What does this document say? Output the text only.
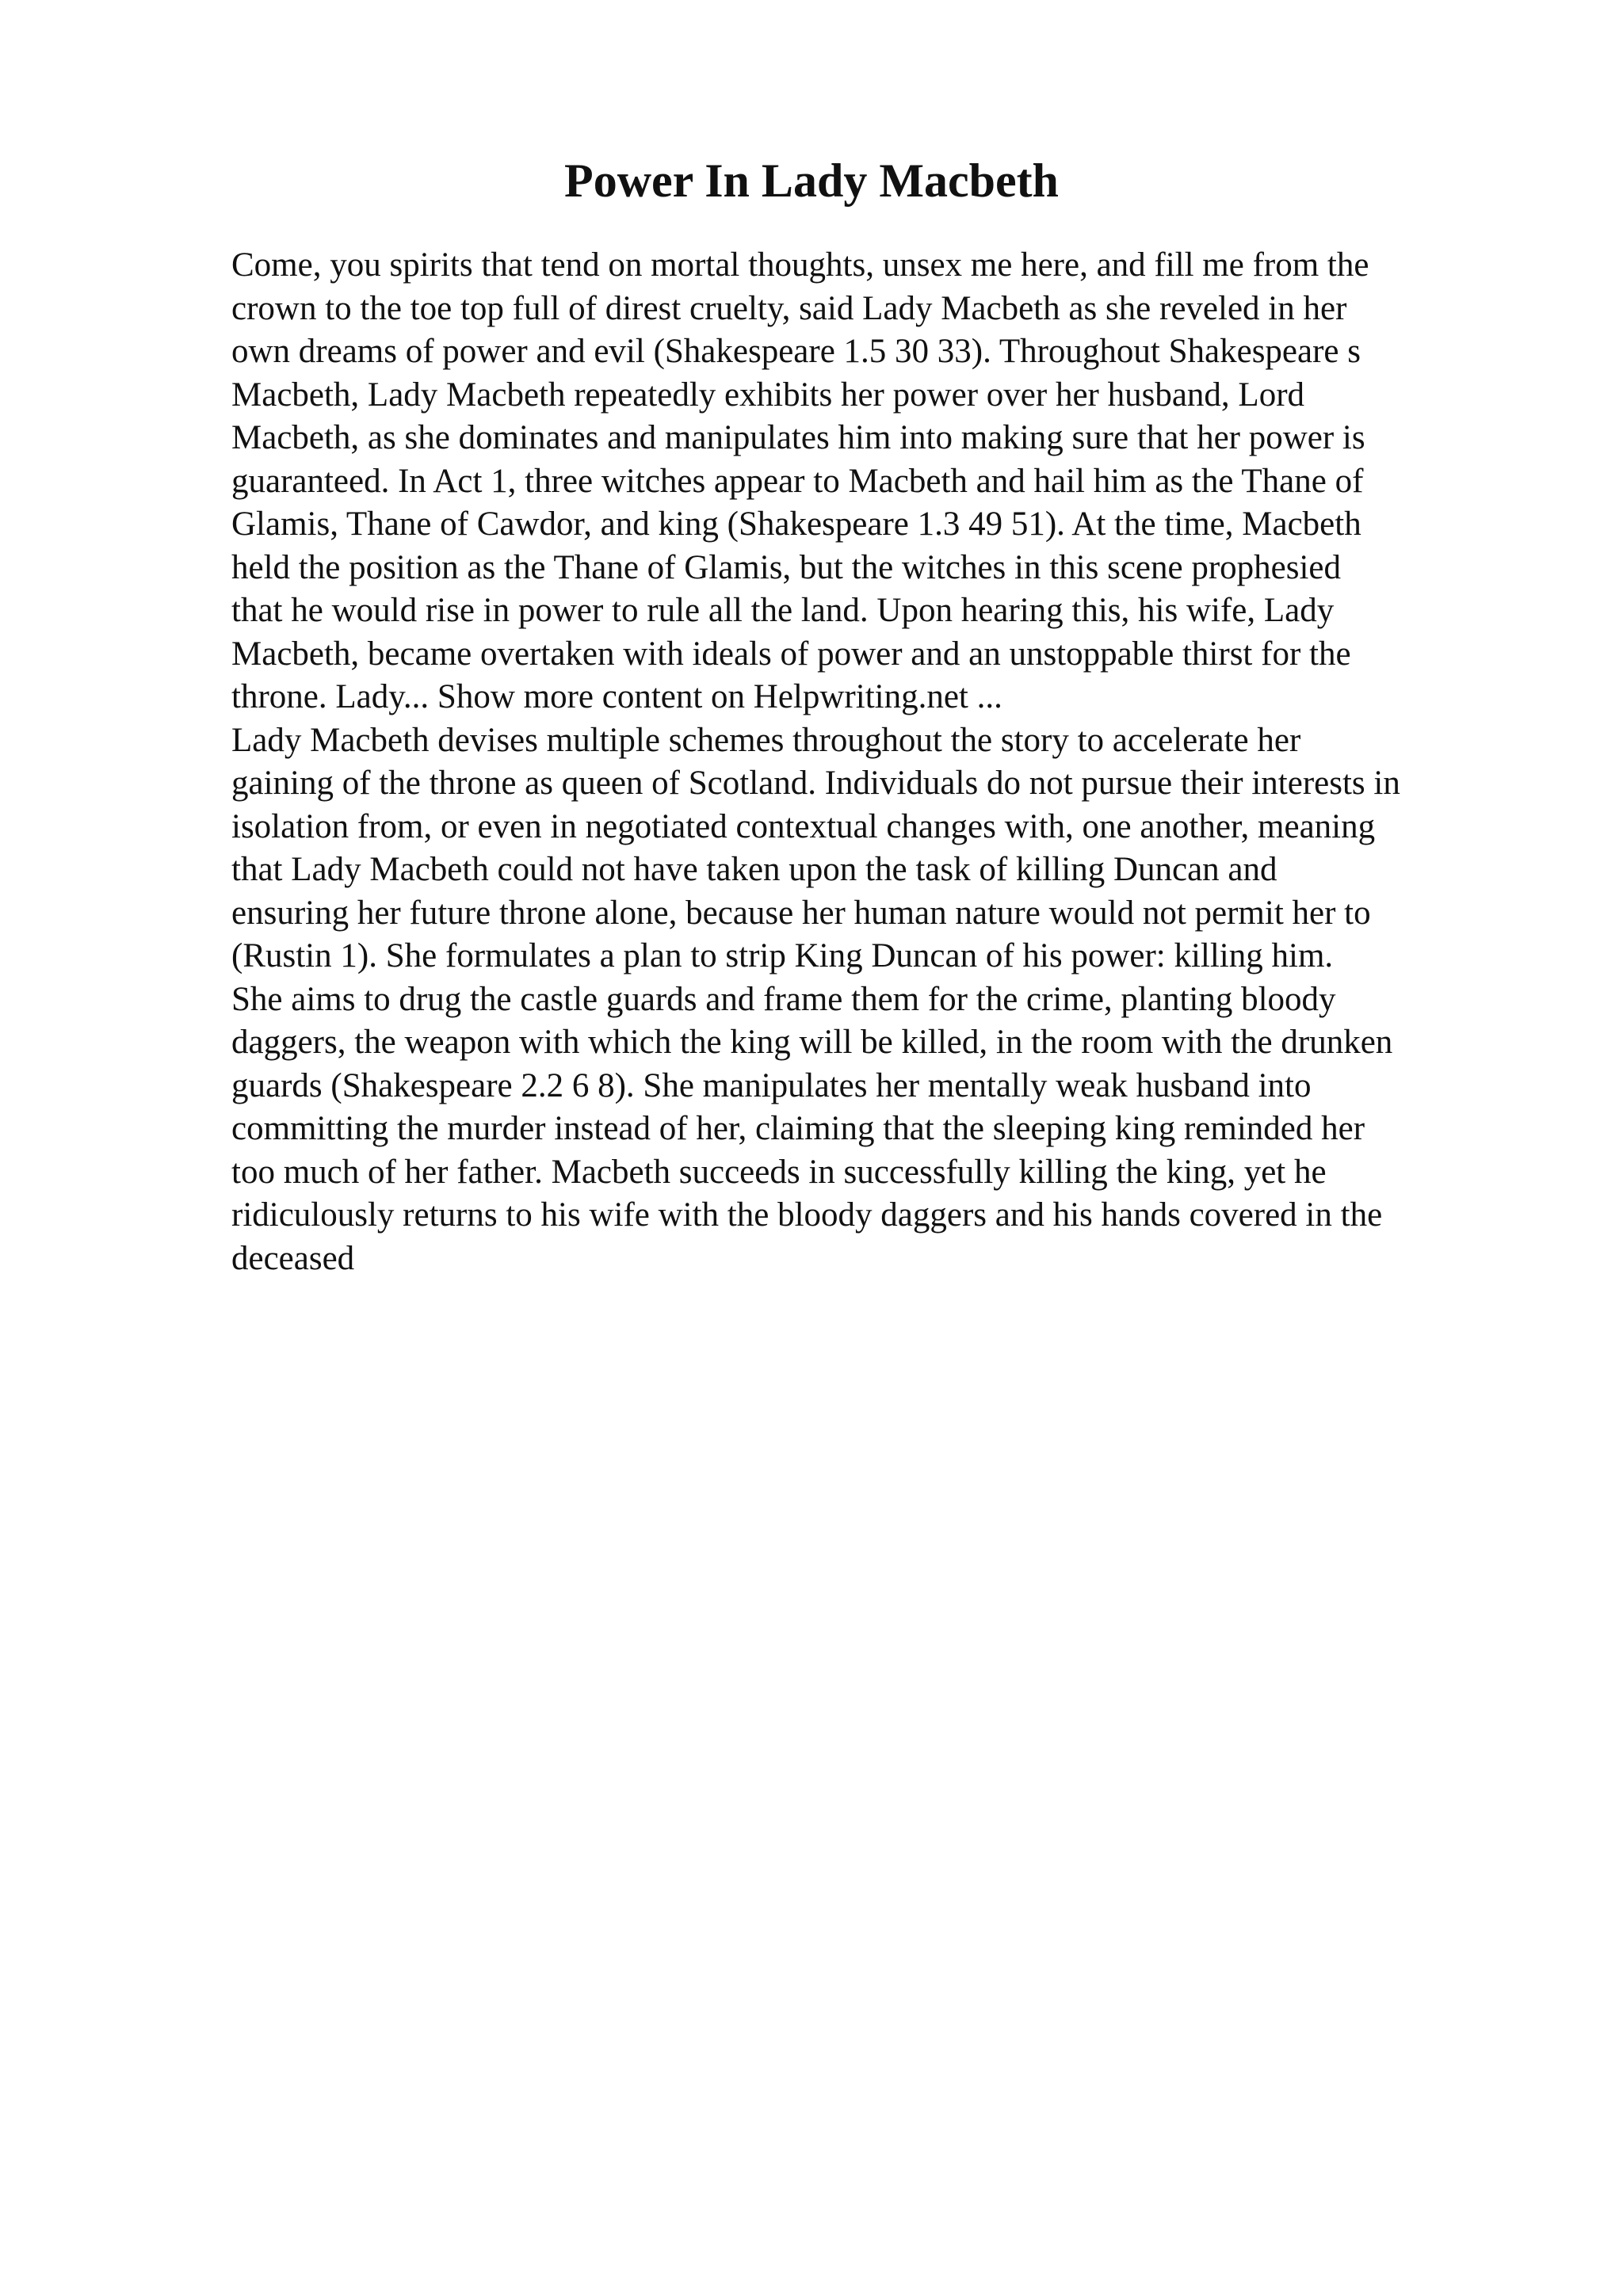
Power In Lady Macbeth
Come, you spirits that tend on mortal thoughts, unsex me here, and fill me from the
crown to the toe top full of direst cruelty, said Lady Macbeth as she reveled in her
own dreams of power and evil (Shakespeare 1.5 30 33). Throughout Shakespeare s
Macbeth, Lady Macbeth repeatedly exhibits her power over her husband, Lord
Macbeth, as she dominates and manipulates him into making sure that her power is
guaranteed. In Act 1, three witches appear to Macbeth and hail him as the Thane of
Glamis, Thane of Cawdor, and king (Shakespeare 1.3 49 51). At the time, Macbeth
held the position as the Thane of Glamis, but the witches in this scene prophesied
that he would rise in power to rule all the land. Upon hearing this, his wife, Lady
Macbeth, became overtaken with ideals of power and an unstoppable thirst for the
throne. Lady... Show more content on Helpwriting.net ...
Lady Macbeth devises multiple schemes throughout the story to accelerate her
gaining of the throne as queen of Scotland. Individuals do not pursue their interests in
isolation from, or even in negotiated contextual changes with, one another, meaning
that Lady Macbeth could not have taken upon the task of killing Duncan and
ensuring her future throne alone, because her human nature would not permit her to
(Rustin 1). She formulates a plan to strip King Duncan of his power: killing him.
She aims to drug the castle guards and frame them for the crime, planting bloody
daggers, the weapon with which the king will be killed, in the room with the drunken
guards (Shakespeare 2.2 6 8). She manipulates her mentally weak husband into
committing the murder instead of her, claiming that the sleeping king reminded her
too much of her father. Macbeth succeeds in successfully killing the king, yet he
ridiculously returns to his wife with the bloody daggers and his hands covered in the
deceased
